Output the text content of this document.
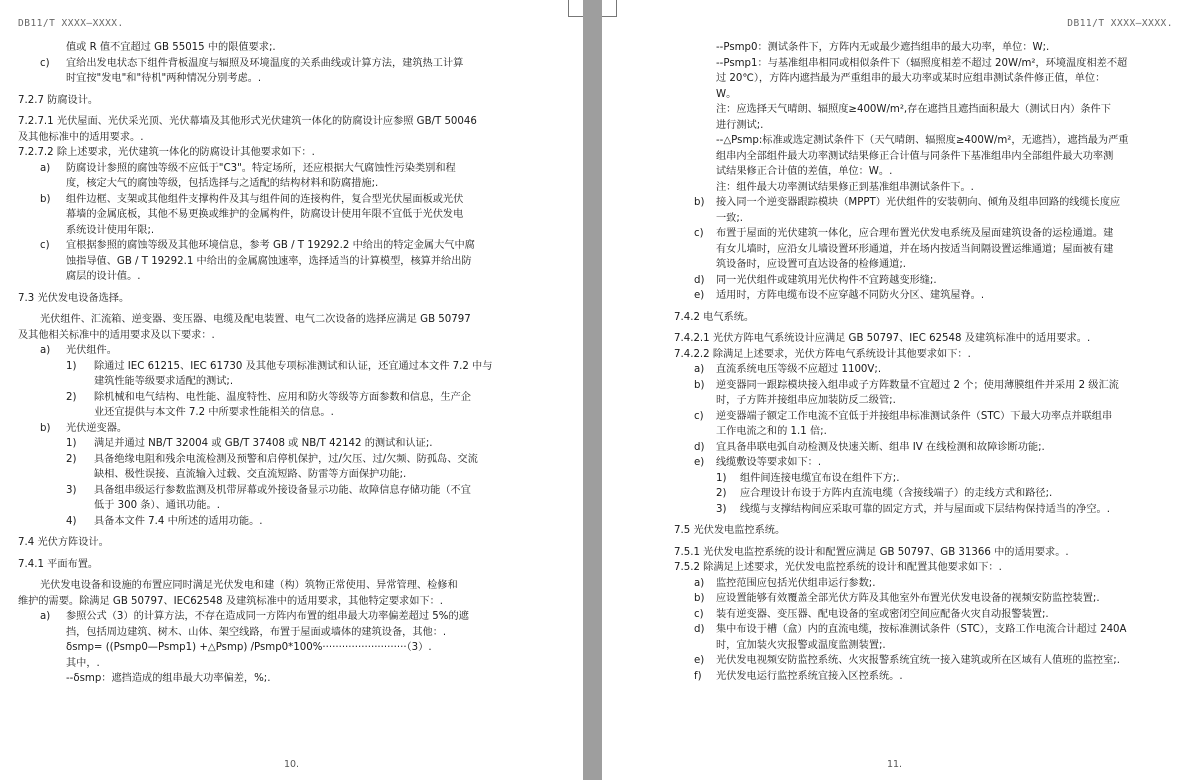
DB11/T XXXX—XXXX.
值或 R 值不宜超过 GB 55015 中的限值要求;.
c) 宜给出发电状态下组件背板温度与辐照及环境温度的关系曲线或计算方法，建筑热工计算
时宜按"发电"和"待机"两种情况分别考虑。.
7.2.7 防腐设计。
7.2.7.1 光伏屋面、光伏采光顶、光伏幕墙及其他形式光伏建筑一体化的防腐设计应参照 GB/T 50046
及其他标准中的适用要求。.
7.2.7.2 除上述要求，光伏建筑一体化的防腐设计其他要求如下：.
a) 防腐设计参照的腐蚀等级不应低于"C3"。特定场所，还应根据大气腐蚀性污染类别和程
度，核定大气的腐蚀等级，包括选择与之适配的结构材料和防腐措施;.
b) 组件边框、支架或其他组件支撑构件及其与组件间的连接构件，复合型光伏屋面板或光伏
幕墙的金属底板，其他不易更换或维护的金属构件，防腐设计使用年限不宜低于光伏发电
系统设计使用年限;.
c) 宜根据参照的腐蚀等级及其他环境信息，参考 GB / T 19292.2 中给出的特定金属大气中腐
蚀指导值、GB / T 19292.1 中给出的金属腐蚀速率，选择适当的计算模型，核算并给出防
腐层的设计值。.
7.3 光伏发电设备选择。
光伏组件、汇流箱、逆变器、变压器、电缆及配电装置、电气二次设备的选择应满足 GB 50797
及其他相关标准中的适用要求及以下要求：.
a) 光伏组件。
1) 除通过 IEC 61215、IEC 61730 及其他专项标准测试和认证，还宜通过本文件 7.2 中与
建筑性能等级要求适配的测试;.
2) 除机械和电气结构、电性能、温度特性、应用和防火等级等方面参数和信息，生产企
业还宜提供与本文件 7.2 中所要求性能相关的信息。.
b) 光伏逆变器。
1) 满足并通过 NB/T 32004 或 GB/T 37408 或 NB/T 42142 的测试和认证;.
2) 具备绝缘电阻和残余电流检测及预警和启停机保护，过/欠压、过/欠频、防孤岛、交流
缺相、极性误接、直流输入过载、交直流短路、防雷等方面保护功能;.
3) 具备组串级运行参数监测及机带屏幕或外接设备显示功能、故障信息存储功能（不宜
低于 300 条）、通讯功能。.
4) 具备本文件 7.4 中所述的适用功能。.
7.4 光伏方阵设计。
7.4.1 平面布置。
光伏发电设备和设施的布置应同时满足光伏发电和建（构）筑物正常使用、异常管理、检修和
维护的需要。除满足 GB 50797、IEC62548 及建筑标准中的适用要求，其他特定要求如下：.
a) 参照公式（3）的计算方法，不存在造成同一方阵内布置的组串最大功率偏差超过 5%的遮
挡，包括周边建筑、树木、山体、架空线路，布置于屋面或墙体的建筑设备，其他：.
δsmp= ((Psmp0—Psmp1) +△Psmp) /Psmp0*100%··························（3）.
其中，.
--δsmp：遮挡造成的组串最大功率偏差，%;.
10.
DB11/T XXXX—XXXX.
--Psmp0：测试条件下，方阵内无或最少遮挡组串的最大功率，单位：W;.
--Psmp1：与基准组串相同或相似条件下（辐照度相差不超过 20W/m²，环境温度相差不超
过 20℃），方阵内遮挡最为严重组串的最大功率或某时应组串测试条件修正值，单位：
W。
注：应选择天气晴朗、辐照度≥400W/m²,存在遮挡且遮挡面积最大（测试日内）条件下
进行测试;.
--△Psmp:标准或选定测试条件下（天气晴朗、辐照度≥400W/m²，无遮挡），遮挡最为严重
组串内全部组件最大功率测试结果修正合计值与同条件下基准组串内全部组件最大功率测
试结果修正合计值的差值，单位：W。.
注：组件最大功率测试结果修正到基准组串测试条件下。.
b) 接入同一个逆变器跟踪模块（MPPT）光伏组件的安装朝向、倾角及组串回路的线缆长度应
一致;.
c) 布置于屋面的光伏建筑一体化，应合理布置光伏发电系统及屋面建筑设备的运检通道。建
有女儿墙时，应沿女儿墙设置环形通道，并在场内按适当间隔设置运维通道；屋面被有建
筑设备时，应设置可直达设备的检修通道;.
d) 同一光伏组件或建筑用光伏构件不宜跨越变形缝;.
e) 适用时，方阵电缆布设不应穿越不同防火分区、建筑屋脊。.
7.4.2 电气系统。
7.4.2.1 光伏方阵电气系统设计应满足 GB 50797、IEC 62548 及建筑标准中的适用要求。.
7.4.2.2 除满足上述要求，光伏方阵电气系统设计其他要求如下：.
a) 直流系统电压等级不应超过 1100V;.
b) 逆变器同一跟踪模块接入组串或子方阵数量不宜超过 2 个；使用薄膜组件并采用 2 级汇流
时，子方阵并接组串应加装防反二级管;.
c) 逆变器端子额定工作电流不宜低于并接组串标准测试条件（STC）下最大功率点并联组串
工作电流之和的 1.1 倍;.
d) 宜具备串联电弧自动检测及快速关断、组串 IV 在线检测和故障诊断功能;.
e) 线缆敷设等要求如下：.
1) 组件间连接电缆宜布设在组件下方;.
2) 应合理设计布设于方阵内直流电缆（含接线端子）的走线方式和路径;.
3) 线缆与支撑结构间应采取可靠的固定方式，并与屋面或下层结构保持适当的净空。.
7.5 光伏发电监控系统。
7.5.1 光伏发电监控系统的设计和配置应满足 GB 50797、GB 31366 中的适用要求。.
7.5.2 除满足上述要求，光伏发电监控系统的设计和配置其他要求如下：.
a) 监控范围应包括光伏组串运行参数;.
b) 应设置能够有效覆盖全部光伏方阵及其他室外布置光伏发电设备的视频安防监控装置;.
c) 装有逆变器、变压器、配电设备的室或密闭空间应配备火灾自动报警装置;.
d) 集中布设于槽（盒）内的直流电缆，按标准测试条件（STC），支路工作电流合计超过 240A
时，宜加装火灾报警或温度监测装置;.
e) 光伏发电视频安防监控系统、火灾报警系统宜统一接入建筑或所在区域有人值班的监控室;.
f) 光伏发电运行监控系统宜接入区控系统。.
11.
